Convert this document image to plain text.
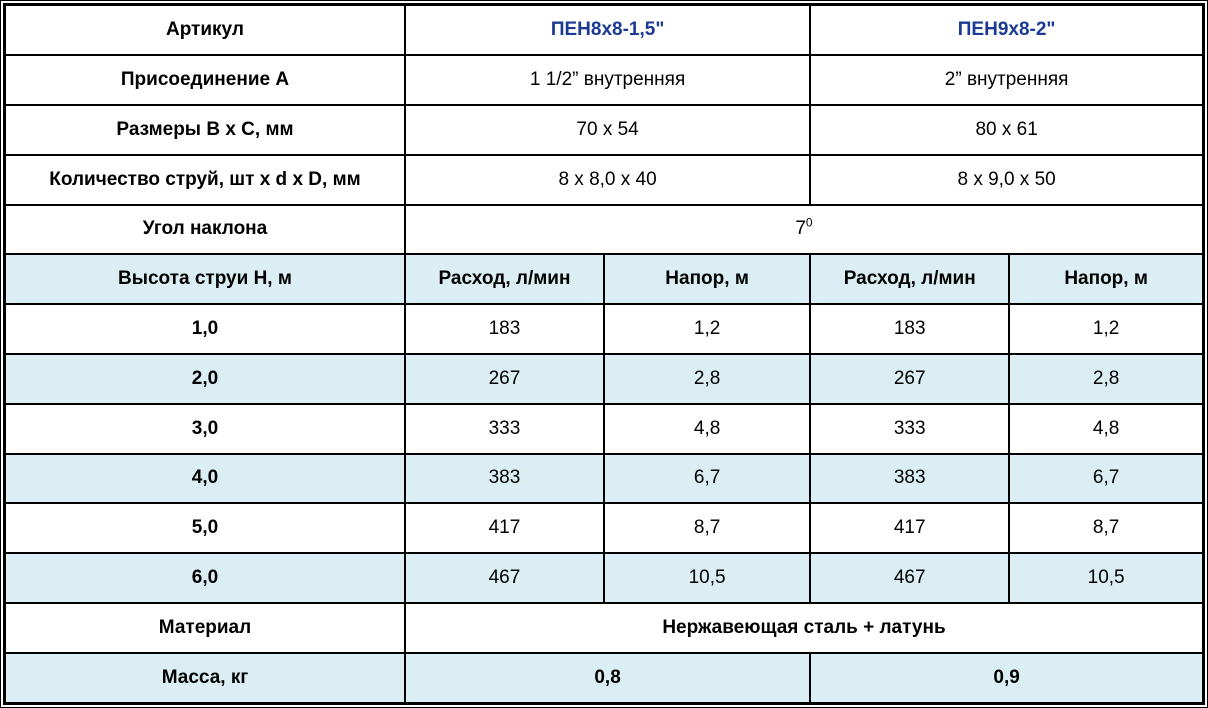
Артикул	ПЕН8х8-1,5"		ПЕН9х8-2"	
Присоединение А	1 1/2” внутренняя		2” внутренняя	
Размеры B x C, мм	70 x 54		80 x 61	
Количество струй, шт x d x D, мм	8 x 8,0 x 40		8 x 9,0 x 50	
Угол наклона	$7^0$
Высота струи H, м	Расход, л/мин	Напор, м	Расход, л/мин	Напор, м
1,0	183	1,2	183	1,2
2,0	267	2,8	267	2,8
3,0	333	4,8	333	4,8
4,0	383	6,7	383	6,7
5,0	417	8,7	417	8,7
6,0	467	10,5	467	10,5
Материал	Нержавеющая сталь + латунь			
Масса, кг	0,8		0,9	
